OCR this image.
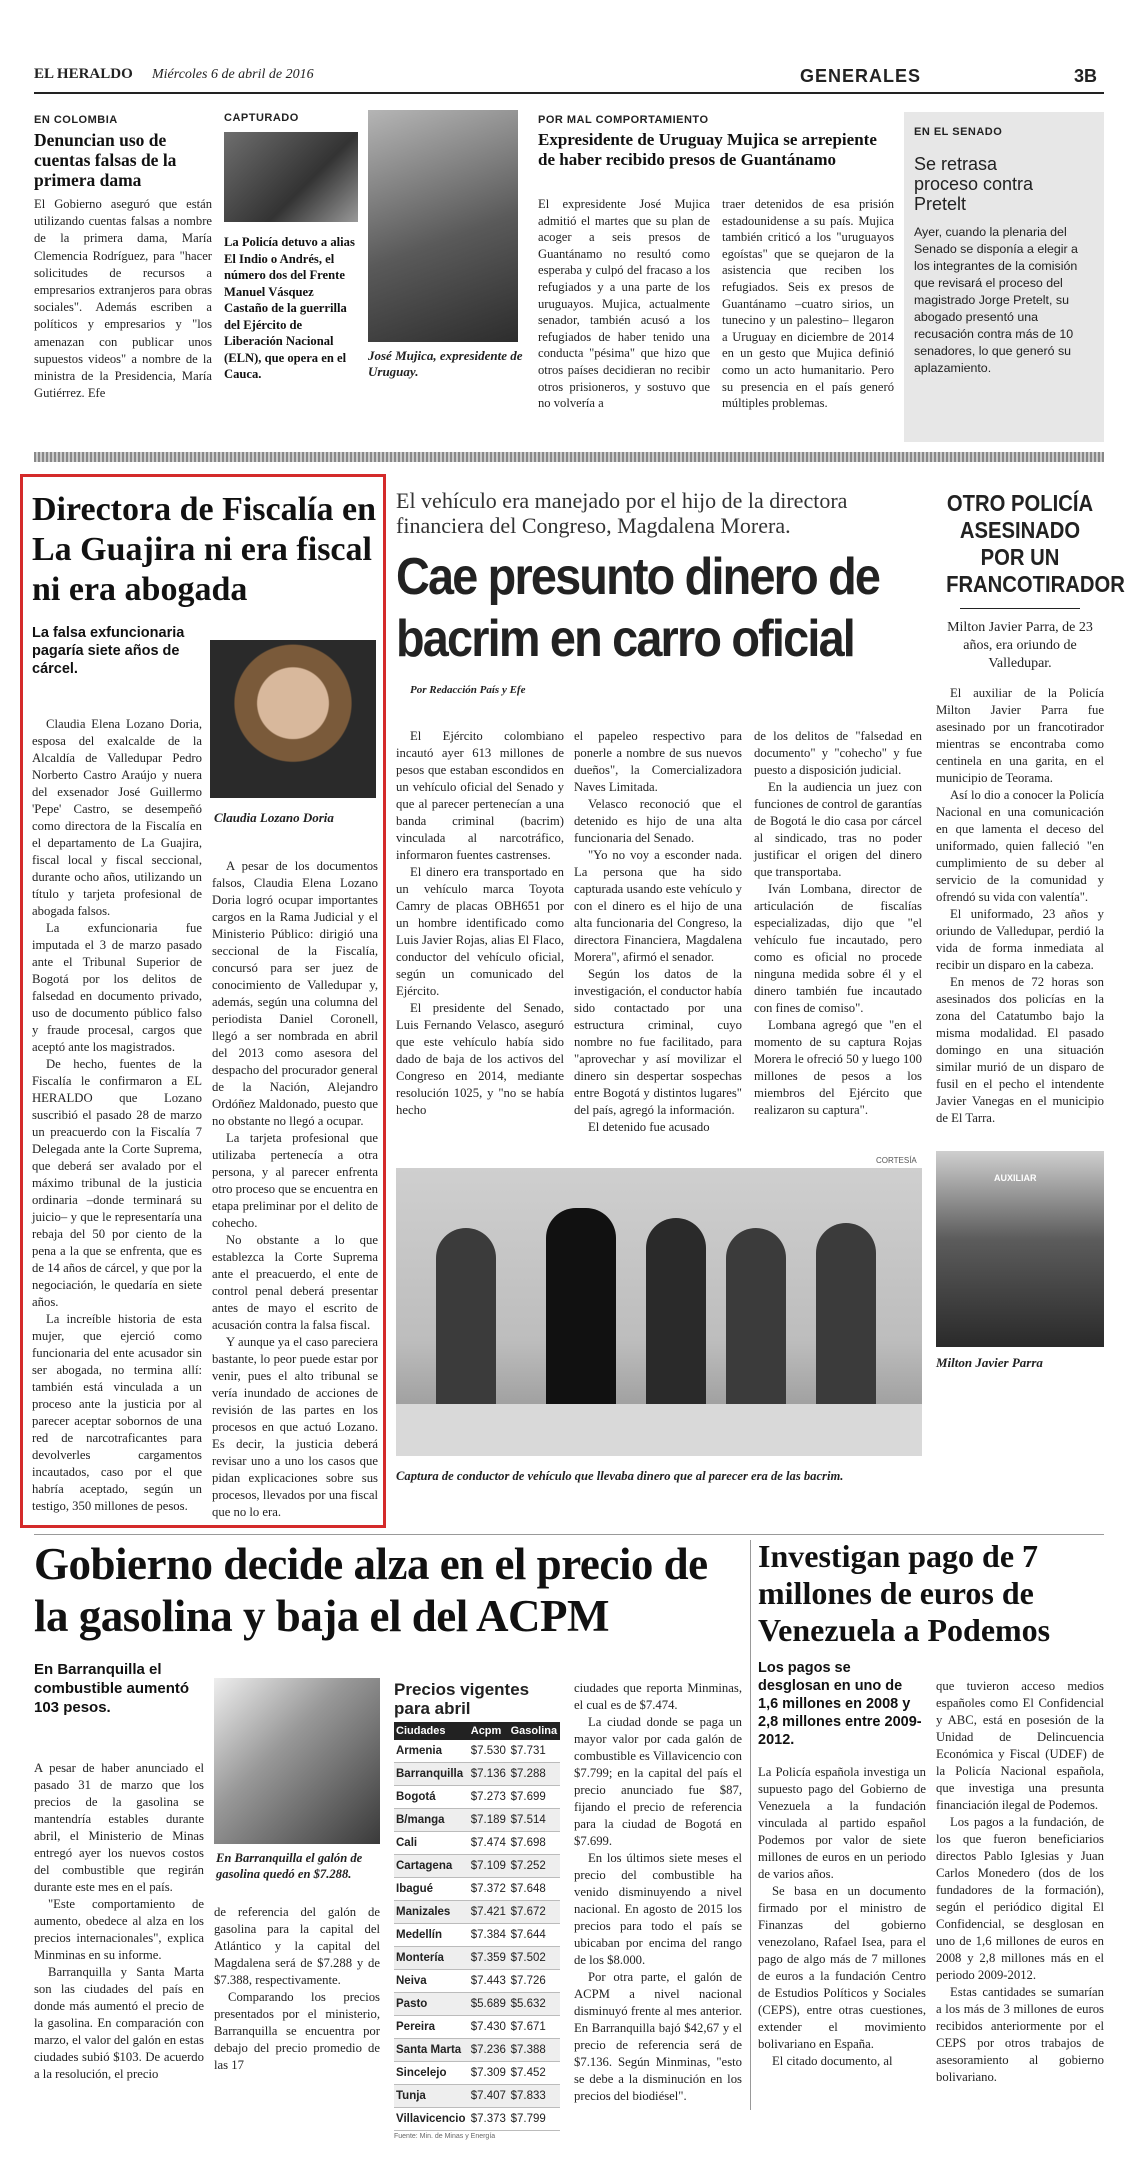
EL HERALDO Miércoles 6 de abril de 2016	GENERALES	3B
EN COLOMBIA
Denuncian uso de cuentas falsas de la primera dama
El Gobierno aseguró que están utilizando cuentas falsas a nombre de la primera dama, María Clemencia Rodríguez, para "hacer solicitudes de recursos a empresarios extranjeros para obras sociales". Además escriben a políticos y empresarios y "los amenazan con publicar unos supuestos videos" a nombre de la ministra de la Presidencia, María Gutiérrez. Efe
CAPTURADO
La Policía detuvo a alias El Indio o Andrés, el número dos del Frente Manuel Vásquez Castaño de la guerrilla del Ejército de Liberación Nacional (ELN), que opera en el Cauca.
José Mujica, expresidente de Uruguay.
POR MAL COMPORTAMIENTO
Expresidente de Uruguay Mujica se arrepiente de haber recibido presos de Guantánamo
El expresidente José Mujica admitió el martes que su plan de acoger a seis presos de Guantánamo no resultó como esperaba y culpó del fracaso a los refugiados y a una parte de los uruguayos. Mujica, actualmente senador, también acusó a los refugiados de haber tenido una conducta "pésima" que hizo que otros países decidieran no recibir otros prisioneros, y sostuvo que no volvería a
traer detenidos de esa prisión estadounidense a su país. Mujica también criticó a los "uruguayos egoístas" que se quejaron de la asistencia que reciben los refugiados. Seis ex presos de Guantánamo –cuatro sirios, un tunecino y un palestino– llegaron a Uruguay en diciembre de 2014 en un gesto que Mujica definió como un acto humanitario. Pero su presencia en el país generó múltiples problemas.
EN EL SENADO
Se retrasa proceso contra Pretelt
Ayer, cuando la plenaria del Senado se disponía a elegir a los integrantes de la comisión que revisará el proceso del magistrado Jorge Pretelt, su abogado presentó una recusación contra más de 10 senadores, lo que generó su aplazamiento.
Directora de Fiscalía en La Guajira ni era fiscal ni era abogada
La falsa exfuncionaria pagaría siete años de cárcel.
Claudia Lozano Doria

Claudia Elena Lozano Doria, esposa del exalcalde de la Alcaldía de Valledupar Pedro Norberto Castro Araújo y nuera del exsenador José Guillermo 'Pepe' Castro, se desempeñó como directora de la Fiscalía en el departamento de La Guajira, fiscal local y fiscal seccional, durante ocho años, utilizando un título y tarjeta profesional de abogada falsos.

La exfuncionaria fue imputada el 3 de marzo pasado ante el Tribunal Superior de Bogotá por los delitos de falsedad en documento privado, uso de documento público falso y fraude procesal, cargos que aceptó ante los magistrados.

De hecho, fuentes de la Fiscalía le confirmaron a EL HERALDO que Lozano suscribió el pasado 28 de marzo un preacuerdo con la Fiscalía 7 Delegada ante la Corte Suprema, que deberá ser avalado por el máximo tribunal de la justicia ordinaria –donde terminará su juicio– y que le representaría una rebaja del 50 por ciento de la pena a la que se enfrenta, que es de 14 años de cárcel, y que por la negociación, le quedaría en siete años.

La increíble historia de esta mujer, que ejerció como funcionaria del ente acusador sin ser abogada, no termina allí: también está vinculada a un proceso ante la justicia por al parecer aceptar sobornos de una red de narcotraficantes para devolverles cargamentos incautados, caso por el que habría aceptado, según un testigo, 350 millones de pesos.

A pesar de los documentos falsos, Claudia Elena Lozano Doria logró ocupar importantes cargos en la Rama Judicial y el Ministerio Público: dirigió una seccional de la Fiscalía, concursó para ser juez de conocimiento de Valledupar y, además, según una columna del periodista Daniel Coronell, llegó a ser nombrada en abril del 2013 como asesora del despacho del procurador general de la Nación, Alejandro Ordóñez Maldonado, puesto que no obstante no llegó a ocupar.

La tarjeta profesional que utilizaba pertenecía a otra persona, y al parecer enfrenta otro proceso que se encuentra en etapa preliminar por el delito de cohecho.

No obstante a lo que establezca la Corte Suprema ante el preacuerdo, el ente de control penal deberá presentar antes de mayo el escrito de acusación contra la falsa fiscal.

Y aunque ya el caso pareciera bastante, lo peor puede estar por venir, pues el alto tribunal se vería inundado de acciones de revisión de las partes en los procesos en que actuó Lozano. Es decir, la justicia deberá revisar uno a uno los casos que pidan explicaciones sobre sus procesos, llevados por una fiscal que no lo era.

El vehículo era manejado por el hijo de la directora financiera del Congreso, Magdalena Morera.
Cae presunto dinero de bacrim en carro oficial
Por Redacción País y Efe

El Ejército colombiano incautó ayer 613 millones de pesos que estaban escondidos en un vehículo oficial del Senado y que al parecer pertenecían a una banda criminal (bacrim) vinculada al narcotráfico, informaron fuentes castrenses.

El dinero era transportado en un vehículo marca Toyota Camry de placas OBH651 por un hombre identificado como Luis Javier Rojas, alias El Flaco, conductor del vehículo oficial, según un comunicado del Ejército.

El presidente del Senado, Luis Fernando Velasco, aseguró que este vehículo había sido dado de baja de los activos del Congreso en 2014, mediante resolución 1025, y "no se había hecho

el papeleo respectivo para ponerle a nombre de sus nuevos dueños", la Comercializadora Naves Limitada.

Velasco reconoció que el detenido es hijo de una alta funcionaria del Senado.

"Yo no voy a esconder nada. La persona que ha sido capturada usando este vehículo y con el dinero es el hijo de una alta funcionaria del Congreso, la directora Financiera, Magdalena Morera", afirmó el senador.

Según los datos de la investigación, el conductor había sido contactado por una estructura criminal, cuyo nombre no fue facilitado, para "aprovechar y así movilizar el dinero sin despertar sospechas entre Bogotá y distintos lugares" del país, agregó la información.

El detenido fue acusado

de los delitos de "falsedad en documento" y "cohecho" y fue puesto a disposición judicial.

En la audiencia un juez con funciones de control de garantías de Bogotá le dio casa por cárcel al sindicado, tras no poder justificar el origen del dinero que transportaba.

Iván Lombana, director de articulación de fiscalías especializadas, dijo que "el vehículo fue incautado, pero como es oficial no procede ninguna medida sobre él y el dinero también fue incautado con fines de comiso".

Lombana agregó que "en el momento de su captura Rojas Morera le ofreció 50 y luego 100 millones de pesos a los miembros del Ejército que realizaron su captura".

CORTESÍA
Captura de conductor de vehículo que llevaba dinero que al parecer era de las bacrim.
OTRO POLICÍA ASESINADO POR UN FRANCOTIRADOR
Milton Javier Parra, de 23 años, era oriundo de Valledupar.

El auxiliar de la Policía Milton Javier Parra fue asesinado por un francotirador mientras se encontraba como centinela en una garita, en el municipio de Teorama.

Así lo dio a conocer la Policía Nacional en una comunicación en que lamenta el deceso del uniformado, quien falleció "en cumplimiento de su deber al servicio de la comunidad y ofrendó su vida con valentía".

El uniformado, 23 años y oriundo de Valledupar, perdió la vida de forma inmediata al recibir un disparo en la cabeza.

En menos de 72 horas son asesinados dos policías en la zona del Catatumbo bajo la misma modalidad. El pasado domingo en una situación similar murió de un disparo de fusil en el pecho el intendente Javier Vanegas en el municipio de El Tarra.

AUXILIAR
Milton Javier Parra
Gobierno decide alza en el precio de la gasolina y baja el del ACPM
En Barranquilla el combustible aumentó 103 pesos.

A pesar de haber anunciado el pasado 31 de marzo que los precios de la gasolina se mantendría estables durante abril, el Ministerio de Minas entregó ayer los nuevos costos del combustible que regirán durante este mes en el país.

"Este comportamiento de aumento, obedece al alza en los precios internacionales", explica Minminas en su informe.

Barranquilla y Santa Marta son las ciudades del país en donde más aumentó el precio de la gasolina. En comparación con marzo, el valor del galón en estas ciudades subió $103. De acuerdo a la resolución, el precio

En Barranquilla el galón de gasolina quedó en $7.288.

de referencia del galón de gasolina para la capital del Atlántico y la capital del Magdalena será de $7.288 y de $7.388, respectivamente.

Comparando los precios presentados por el ministerio, Barranquilla se encuentra por debajo del precio promedio de las 17

Precios vigentes para abril
Ciudades	Acpm	Gasolina
Armenia	$7.530	$7.731
Barranquilla	$7.136	$7.288
Bogotá	$7.273	$7.699
B/manga	$7.189	$7.514
Cali	$7.474	$7.698
Cartagena	$7.109	$7.252
Ibagué	$7.372	$7.648
Manizales	$7.421	$7.672
Medellín	$7.384	$7.644
Montería	$7.359	$7.502
Neiva	$7.443	$7.726
Pasto	$5.689	$5.632
Pereira	$7.430	$7.671
Santa Marta	$7.236	$7.388
Sincelejo	$7.309	$7.452
Tunja	$7.407	$7.833
Villavicencio	$7.373	$7.799
Fuente: Min. de Minas y Energía

ciudades que reporta Minminas, el cual es de $7.474.

La ciudad donde se paga un mayor valor por cada galón de combustible es Villavicencio con $7.799; en la capital del país el precio anunciado fue $87, fijando el precio de referencia para la ciudad de Bogotá en $7.699.

En los últimos siete meses el precio del combustible ha venido disminuyendo a nivel nacional. En agosto de 2015 los precios para todo el país se ubicaban por encima del rango de los $8.000.

Por otra parte, el galón de ACPM a nivel nacional disminuyó frente al mes anterior. En Barranquilla bajó $42,67 y el precio de referencia será de $7.136. Según Minminas, "esto se debe a la disminución en los precios del biodiésel".

Investigan pago de 7 millones de euros de Venezuela a Podemos
Los pagos se desglosan en uno de 1,6 millones en 2008 y 2,8 millones entre 2009-2012.

La Policía española investiga un supuesto pago del Gobierno de Venezuela a la fundación vinculada al partido español Podemos por valor de siete millones de euros en un periodo de varios años.

Se basa en un documento firmado por el ministro de Finanzas del gobierno venezolano, Rafael Isea, para el pago de algo más de 7 millones de euros a la fundación Centro de Estudios Políticos y Sociales (CEPS), entre otras cuestiones, extender el movimiento bolivariano en España.

El citado documento, al

que tuvieron acceso medios españoles como El Confidencial y ABC, está en posesión de la Unidad de Delincuencia Económica y Fiscal (UDEF) de la Policía Nacional española, que investiga una presunta financiación ilegal de Podemos.

Los pagos a la fundación, de los que fueron beneficiarios directos Pablo Iglesias y Juan Carlos Monedero (dos de los fundadores de la formación), según el periódico digital El Confidencial, se desglosan en uno de 1,6 millones de euros en 2008 y 2,8 millones más en el periodo 2009-2012.

Estas cantidades se sumarían a los más de 3 millones de euros recibidos anteriormente por el CEPS por otros trabajos de asesoramiento al gobierno bolivariano.
